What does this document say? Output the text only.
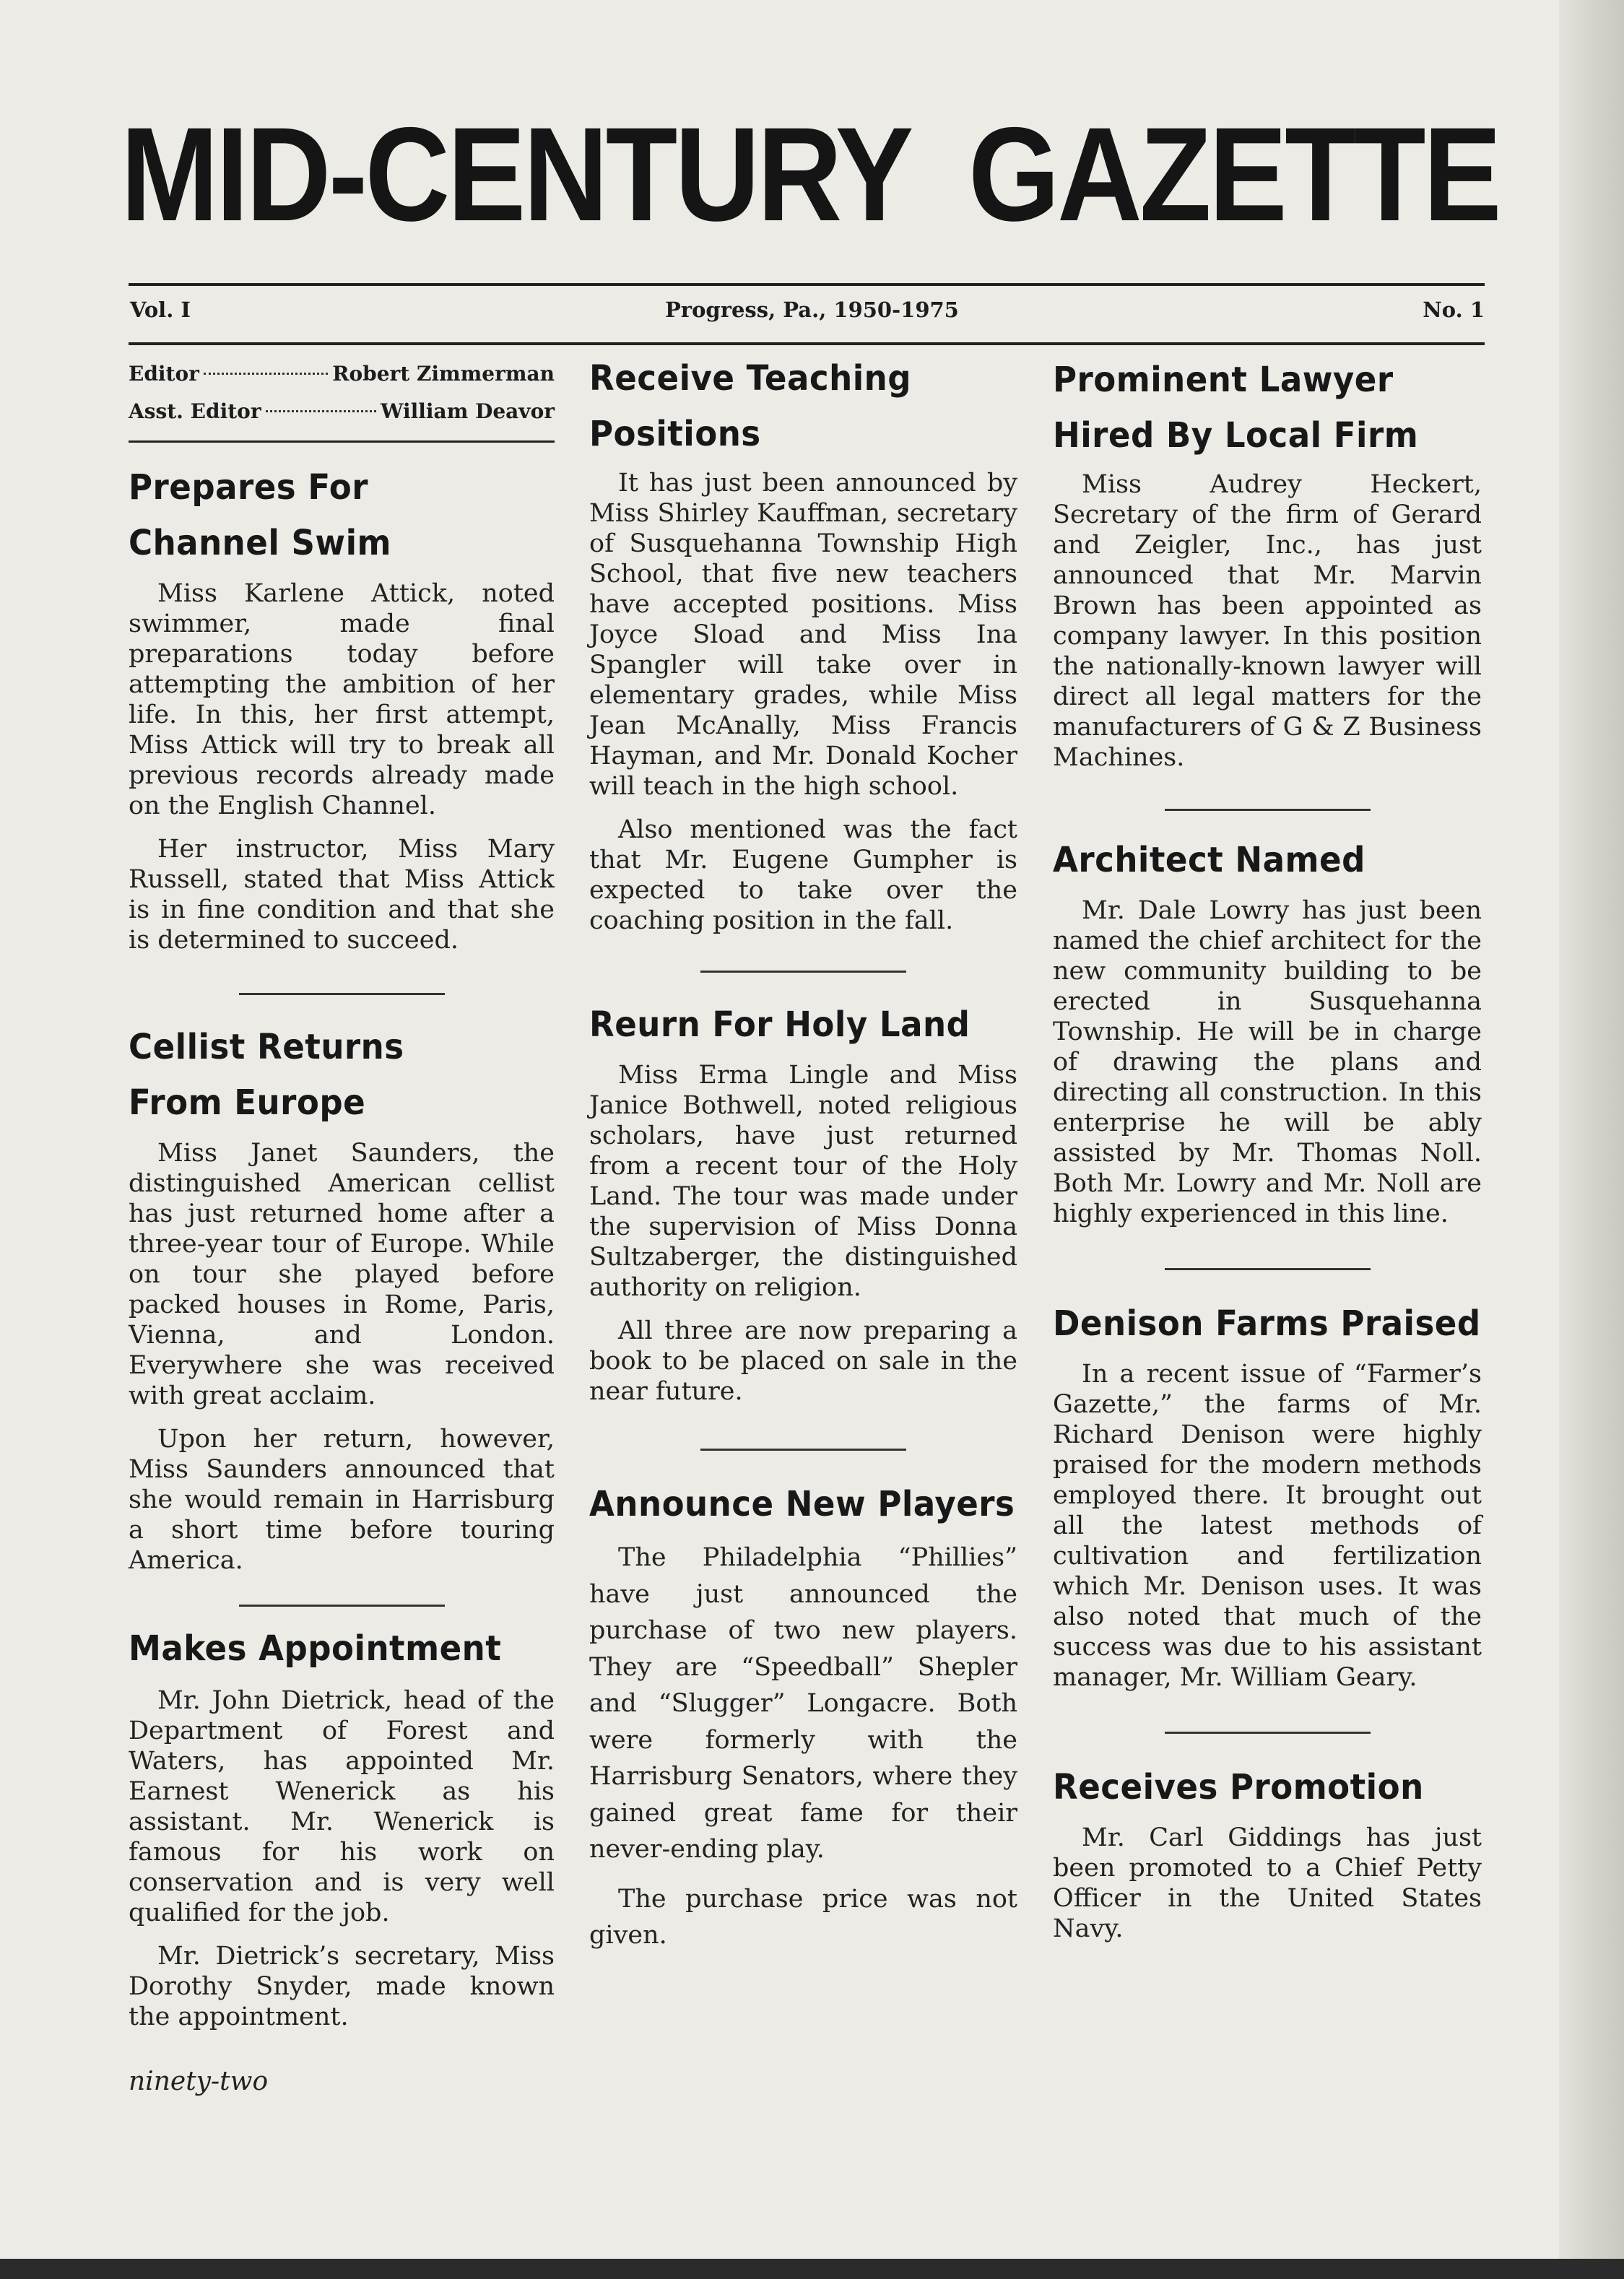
MID-CENTURY GAZETTE
Vol. I	Progress, Pa., 1950-1975	No. 1
Editor	Robert Zimmerman
Asst. Editor	William Deavor
Prepares For
Channel Swim

Miss Karlene Attick, noted swimmer, made final preparations today before attempting the ambition of her life. In this, her first attempt, Miss Attick will try to break all previous records already made on the English Channel.

Her instructor, Miss Mary Russell, stated that Miss Attick is in fine condition and that she is determined to succeed.

Cellist Returns
From Europe

Miss Janet Saunders, the distinguished American cellist has just returned home after a three-year tour of Europe. While on tour she played before packed houses in Rome, Paris, Vienna, and London. Everywhere she was received with great acclaim.

Upon her return, however, Miss Saunders announced that she would remain in Harrisburg a short time before touring America.

Makes Appointment

Mr. John Dietrick, head of the Department of Forest and Waters, has appointed Mr. Earnest Wenerick as his assistant. Mr. Wenerick is famous for his work on conservation and is very well qualified for the job.

Mr. Dietrick’s secretary, Miss Dorothy Snyder, made known the appointment.

Receive Teaching
Positions

It has just been announced by Miss Shirley Kauffman, secretary of Susquehanna Township High School, that five new teachers have accepted positions. Miss Joyce Sload and Miss Ina Spangler will take over in elementary grades, while Miss Jean McAnally, Miss Francis Hayman, and Mr. Donald Kocher will teach in the high school.

Also mentioned was the fact that Mr. Eugene Gumpher is expected to take over the coaching position in the fall.

Reurn For Holy Land

Miss Erma Lingle and Miss Janice Bothwell, noted religious scholars, have just returned from a recent tour of the Holy Land. The tour was made under the supervision of Miss Donna Sultzaberger, the distinguished authority on religion.

All three are now preparing a book to be placed on sale in the near future.

Announce New Players

The Philadelphia “Phillies” have just announced the purchase of two new players. They are “Speedball” Shepler and “Slugger” Longacre. Both were formerly with the Harrisburg Senators, where they gained great fame for their never-ending play.

The purchase price was not given.

Prominent Lawyer
Hired By Local Firm

Miss Audrey Heckert, Secretary of the firm of Gerard and Zeigler, Inc., has just announced that Mr. Marvin Brown has been appointed as company lawyer. In this position the nationally-known lawyer will direct all legal matters for the manufacturers of G & Z Business Machines.

Architect Named

Mr. Dale Lowry has just been named the chief architect for the new community building to be erected in Susquehanna Township. He will be in charge of drawing the plans and directing all construction. In this enterprise he will be ably assisted by Mr. Thomas Noll. Both Mr. Lowry and Mr. Noll are highly experienced in this line.

Denison Farms Praised

In a recent issue of “Farmer’s Gazette,” the farms of Mr. Richard Denison were highly praised for the modern methods employed there. It brought out all the latest methods of cultivation and fertilization which Mr. Denison uses. It was also noted that much of the success was due to his assistant manager, Mr. William Geary.

Receives Promotion

Mr. Carl Giddings has just been promoted to a Chief Petty Officer in the United States Navy.

ninety-two
